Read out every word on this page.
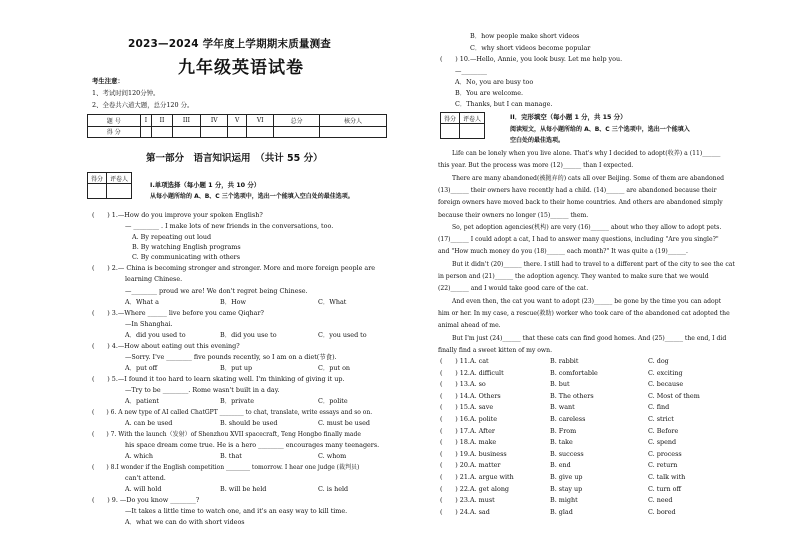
2023—2024 学年度上学期期末质量测查
九年级英语试卷
考生注意：
1、考试时间120分钟。
2、全卷共六道大题，总分120 分。
题 号	I	II	III	IV	V	VI	总分	核分人
得 分								
第一部分　语言知识运用　（共计 55 分）
得分	评卷人

I.单项选择（每小题 1 分，共 10 分）
从每小题所给的 A、B、C 三个选项中，选出一个能填入空白处的最佳选项。
(　　) 1.—How do you improve your spoken English?
— ________ . I make lots of new friends in the conversations, too.
A. By repeating out loud
B. By watching English programs
C. By communicating with others
(　　) 2.— China is becoming stronger and stronger. More and more foreign people are
learning Chinese.
—________ proud we are! We don't regret being Chinese.
A．What a	B．How	C．What
(　　) 3.—Where ______ live before you came Qiqhar?
—In Shanghai.
A．did you used to	B．did you use to	C．you used to
(　　) 4.—How about eating out this evening?
—Sorry. I've ________ five pounds recently, so I am on a diet(节食).
A．put off	B．put up	C．put on
(　　) 5.—I found it too hard to learn skating well. I'm thinking of giving it up.
—Try to be ________. Rome wasn't built in a day.
A．patient	B．private	C．polite
(　　) 6. A new type of AI called ChatGPT ________ to chat, translate, write essays and so on.
A. can be used	B. should be used	C. must be used
(　　) 7. With the launch（发射）of Shenzhou XVII spacecraft, Teng Hongbo finally made
his space dream come true. He is a hero ________ encourages many teenagers.
A. which	B. that	C. whom
(　　) 8.I wonder if the English competition ________ tomorrow. I hear one judge (裁判员)
can't attend.
A. will hold	B. will be held	C. is held
(　　) 9. —Do you know ________?
—It takes a little time to watch one, and it's an easy way to kill time.
A．what we can do with short videos
B．how people make short videos
C．why short videos become popular
(　　) 10.—Hello, Annie, you look busy. Let me help you.
—________
A．No, you are busy too
B．You are welcome.
C．Thanks, but I can manage.
得分	评卷人
		II．完形填空（每小题 1 分，共 15 分）
阅读短文，从每小题所给的 A、B、C 三个选项中，选出一个能填入
空白处的最佳选项。
Life can be lonely when you live alone. That's why I decided to adopt(收养) a (11)______
this year. But the process was more (12)______ than I expected.
There are many abandoned(被抛弃的) cats all over Beijing. Some of them are abandoned
(13)______ their owners have recently had a child. (14)______ are abandoned because their
foreign owners have moved back to their home countries. And others are abandoned simply
because their owners no longer (15)______ them.
So, pet adoption agencies(机构) are very (16)______ about who they allow to adopt pets.
(17)______ I could adopt a cat, I had to answer many questions, including "Are you single?"
and "How much money do you (18)______ each month?" It was quite a (19)______.
But it didn't (20)______ there. I still had to travel to a different part of the city to see the cat
in person and (21)______ the adoption agency. They wanted to make sure that we would
(22)______ and I would take good care of the cat.
And even then, the cat you want to adopt (23)______ be gone by the time you can adopt
him or her. In my case, a rescue(救助) worker who took care of the abandoned cat adopted the
animal ahead of me.
But I'm just (24)______ that these cats can find good homes. And (25)______ the end, I did
finally find a sweet kitten of my own.
(　　) 11.A. cat	B. rabbit	C. dog
(　　) 12.A. difficult	B. comfortable	C. exciting
(　　) 13.A. so	B. but	C. because
(　　) 14.A. Others	B. The others	C. Most of them
(　　) 15.A. save	B. want	C. find
(　　) 16.A. polite	B. careless	C. strict
(　　) 17.A. After	B. From	C. Before
(　　) 18.A. make	B. take	C. spend
(　　) 19.A. business	B. success	C. process
(　　) 20.A. matter	B. end	C. return
(　　) 21.A. argue with	B. give up	C. talk with
(　　) 22.A. get along	B. stay up	C. turn off
(　　) 23.A. must	B. might	C. need
(　　) 24.A. sad	B. glad	C. bored
